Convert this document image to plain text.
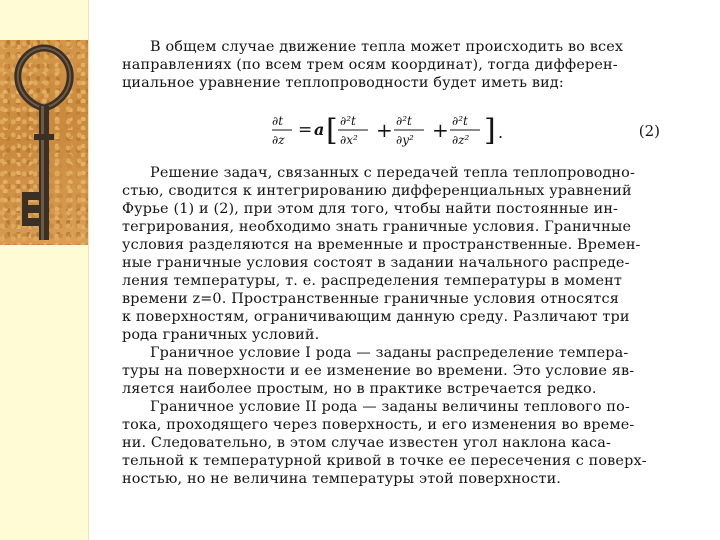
В общем случае движение тепла может происходить во всех
направлениях (по всем трем осям координат), тогда дифферен-
циальное уравнение теплопроводности будет иметь вид:
∂t
∂z = a [ ∂²t
∂x² + ∂²t
∂y² + ∂²t
∂z² ] .	(2)
Решение задач, связанных с передачей тепла теплопроводно-
стью, сводится к интегрированию дифференциальных уравнений
Фурье (1) и (2), при этом для того, чтобы найти постоянные ин-
тегрирования, необходимо знать граничные условия. Граничные
условия разделяются на временные и пространственные. Времен-
ные граничные условия состоят в задании начального распреде-
ления температуры, т. е. распределения температуры в момент
времени z=0. Пространственные граничные условия относятся
к поверхностям, ограничивающим данную среду. Различают три
рода граничных условий.
Граничное условие I рода — заданы распределение темпера-
туры на поверхности и ее изменение во времени. Это условие яв-
ляется наиболее простым, но в практике встречается редко.
Граничное условие II рода — заданы величины теплового по-
тока, проходящего через поверхность, и его изменения во време-
ни. Следовательно, в этом случае известен угол наклона каса-
тельной к температурной кривой в точке ее пересечения с поверх-
ностью, но не величина температуры этой поверхности.
